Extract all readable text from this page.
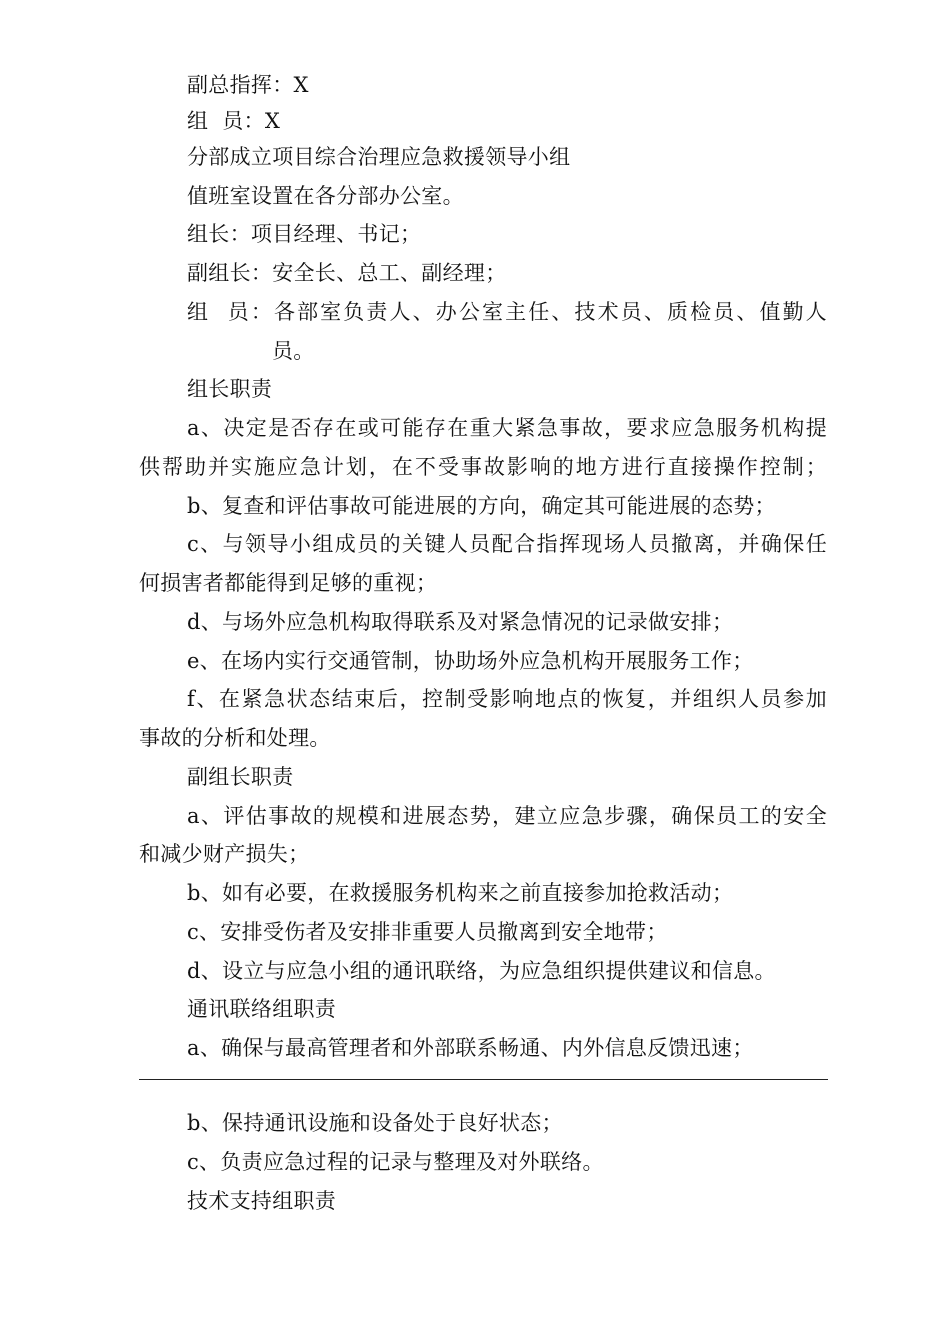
副总指挥：X
组  员：X
分部成立项目综合治理应急救援领导小组
值班室设置在各分部办公室。
组长：项目经理、书记；
副组长：安全长、总工、副经理；
组  员：各部室负责人、办公室主任、技术员、质检员、值勤人
员。
组长职责
a、决定是否存在或可能存在重大紧急事故，要求应急服务机构提
供帮助并实施应急计划，在不受事故影响的地方进行直接操作控制；
b、复查和评估事故可能进展的方向，确定其可能进展的态势；
c、与领导小组成员的关键人员配合指挥现场人员撤离，并确保任
何损害者都能得到足够的重视；
d、与场外应急机构取得联系及对紧急情况的记录做安排；
e、在场内实行交通管制，协助场外应急机构开展服务工作；
f、在紧急状态结束后，控制受影响地点的恢复，并组织人员参加
事故的分析和处理。
副组长职责
a、评估事故的规模和进展态势，建立应急步骤，确保员工的安全
和减少财产损失；
b、如有必要，在救援服务机构来之前直接参加抢救活动；
c、安排受伤者及安排非重要人员撤离到安全地带；
d、设立与应急小组的通讯联络，为应急组织提供建议和信息。
通讯联络组职责
a、确保与最高管理者和外部联系畅通、内外信息反馈迅速；
b、保持通讯设施和设备处于良好状态；
c、负责应急过程的记录与整理及对外联络。
技术支持组职责
